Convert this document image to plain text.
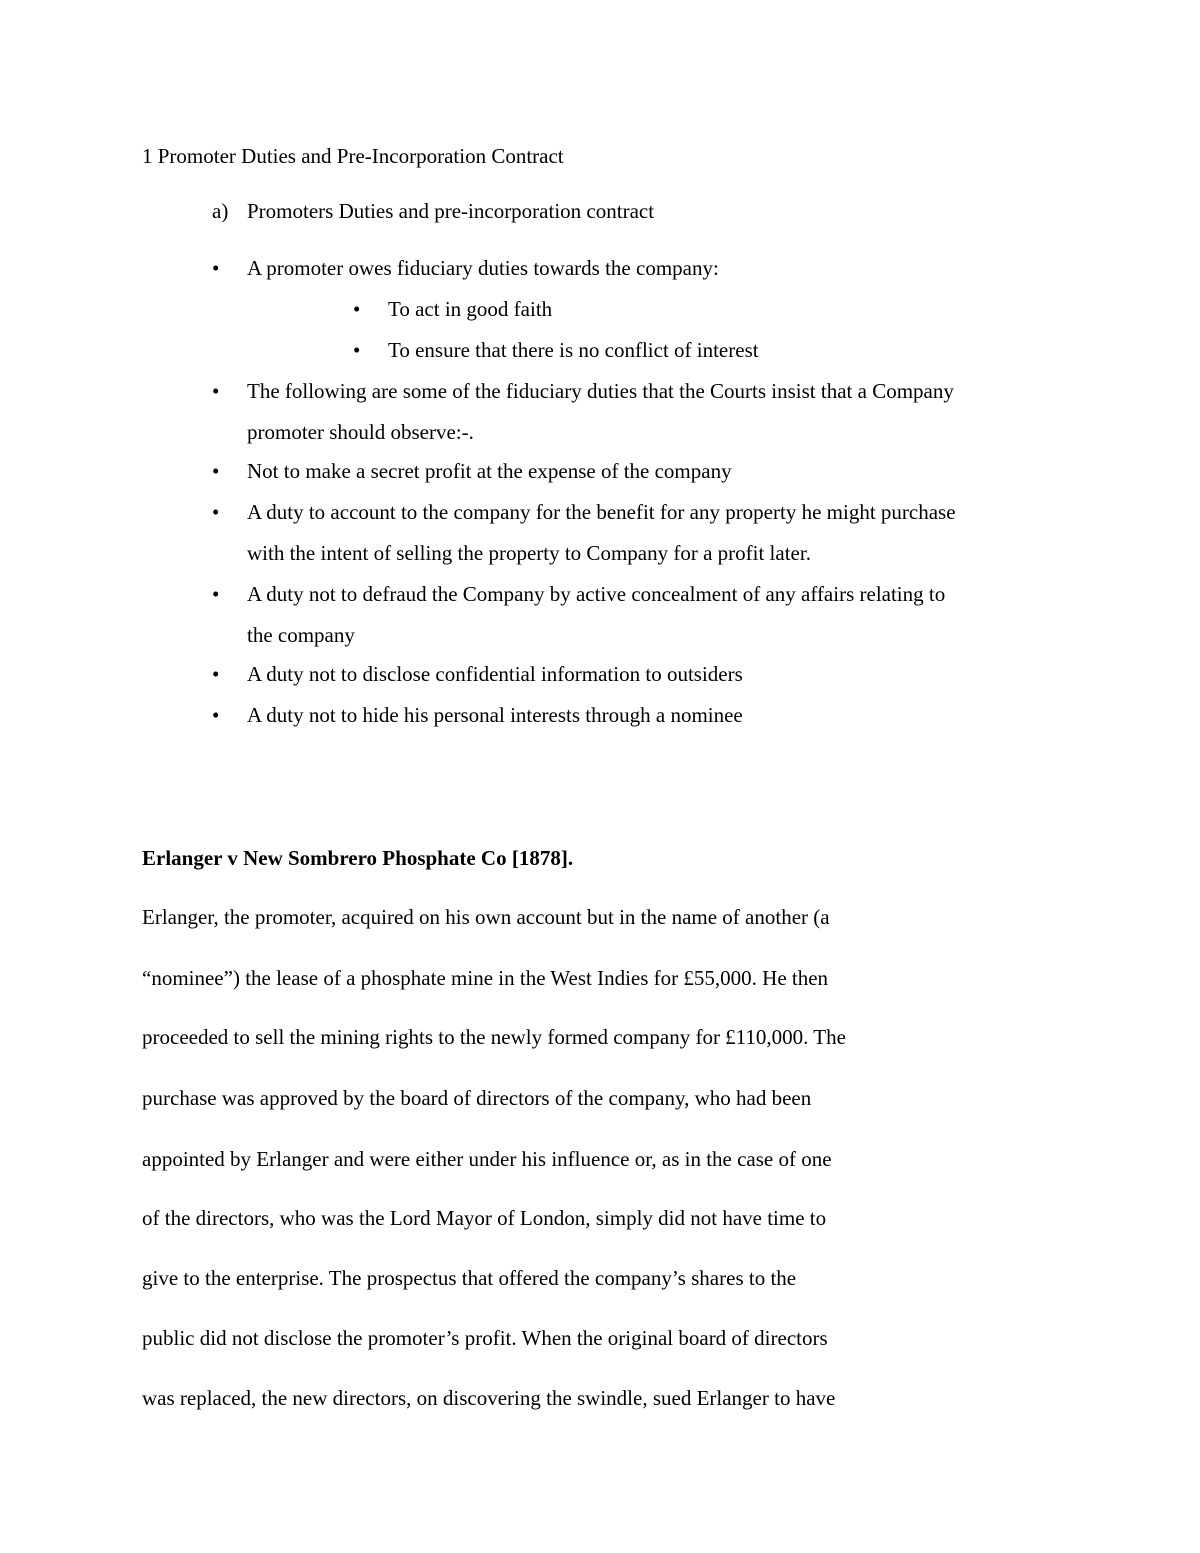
1 Promoter Duties and Pre-Incorporation Contract
a) Promoters Duties and pre-incorporation contract
• A promoter owes fiduciary duties towards the company:
• To act in good faith
• To ensure that there is no conflict of interest
• The following are some of the fiduciary duties that the Courts insist that a Company
promoter should observe:-.
• Not to make a secret profit at the expense of the company
• A duty to account to the company for the benefit for any property he might purchase
with the intent of selling the property to Company for a profit later.
• A duty not to defraud the Company by active concealment of any affairs relating to
the company
• A duty not to disclose confidential information to outsiders
• A duty not to hide his personal interests through a nominee
Erlanger v New Sombrero Phosphate Co [1878].
Erlanger, the promoter, acquired on his own account but in the name of another (a
“nominee”) the lease of a phosphate mine in the West Indies for £55,000. He then
proceeded to sell the mining rights to the newly formed company for £110,000. The
purchase was approved by the board of directors of the company, who had been
appointed by Erlanger and were either under his influence or, as in the case of one
of the directors, who was the Lord Mayor of London, simply did not have time to
give to the enterprise. The prospectus that offered the company’s shares to the
public did not disclose the promoter’s profit. When the original board of directors
was replaced, the new directors, on discovering the swindle, sued Erlanger to have
